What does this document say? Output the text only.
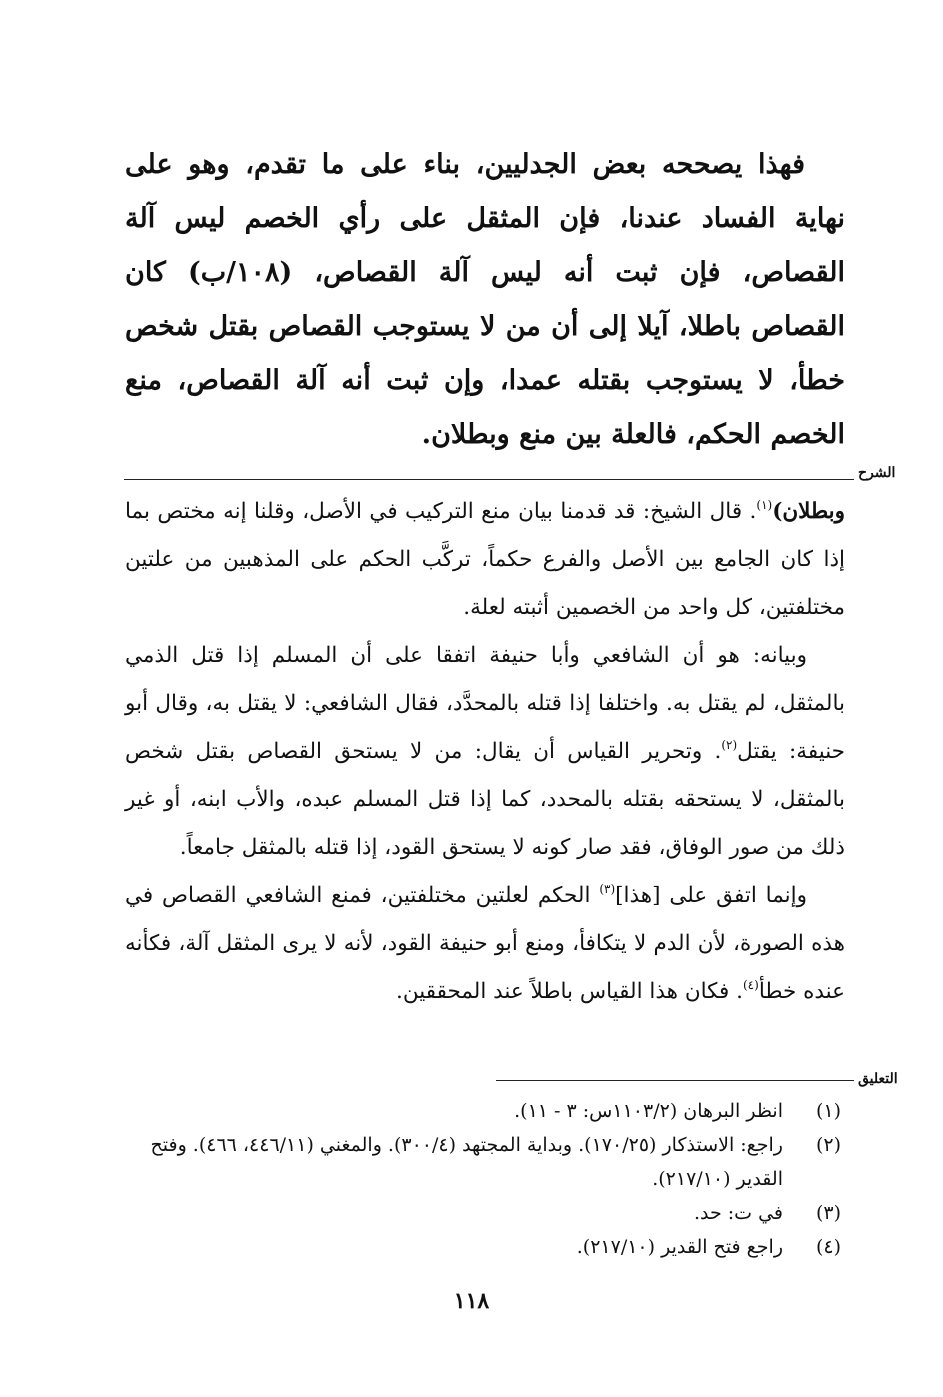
فهذا يصححه بعض الجدليين، بناء على ما تقدم، وهو على نهاية الفساد عندنا، فإن المثقل على رأي الخصم ليس آلة القصاص، فإن ثبت أنه ليس آلة القصاص، (١٠٨/ب) كان القصاص باطلا، آيلا إلى أن من لا يستوجب القصاص بقتل شخص خطأ، لا يستوجب بقتله عمدا، وإن ثبت أنه آلة القصاص، منع الخصم الحكم، فالعلة بين منع وبطلان.

الشرح

وبطلان)$^{(١)}$. قال الشيخ: قد قدمنا بيان منع التركيب في الأصل، وقلنا إنه مختص بما إذا كان الجامع بين الأصل والفرع حكماً، تركَّب الحكم على المذهبين من علتين مختلفتين، كل واحد من الخصمين أثبته لعلة.

وبيانه: هو أن الشافعي وأبا حنيفة اتفقا على أن المسلم إذا قتل الذمي بالمثقل، لم يقتل به. واختلفا إذا قتله بالمحدَّد، فقال الشافعي: لا يقتل به، وقال أبو حنيفة: يقتل$^{(٢)}$. وتحرير القياس أن يقال: من لا يستحق القصاص بقتل شخص بالمثقل، لا يستحقه بقتله بالمحدد، كما إذا قتل المسلم عبده، والأب ابنه، أو غير ذلك من صور الوفاق، فقد صار كونه لا يستحق القود، إذا قتله بالمثقل جامعاً.

وإنما اتفق على [هذا]$^{(٣)}$ الحكم لعلتين مختلفتين، فمنع الشافعي القصاص في هذه الصورة، لأن الدم لا يتكافأ، ومنع أبو حنيفة القود، لأنه لا يرى المثقل آلة، فكأنه عنده خطأ$^{(٤)}$. فكان هذا القياس باطلاً عند المحققين.

التعليق
(١)
انظر البرهان (١١٠٣/٢س: ٣ - ١١).
(٢)
راجع: الاستذكار (١٧٠/٢٥). وبداية المجتهد (٣٠٠/٤). والمغني (٤٤٦/١١، ٤٦٦). وفتح القدير (٢١٧/١٠).
(٣)
في ت: حد.
(٤)
راجع فتح القدير (٢١٧/١٠).
١١٨
